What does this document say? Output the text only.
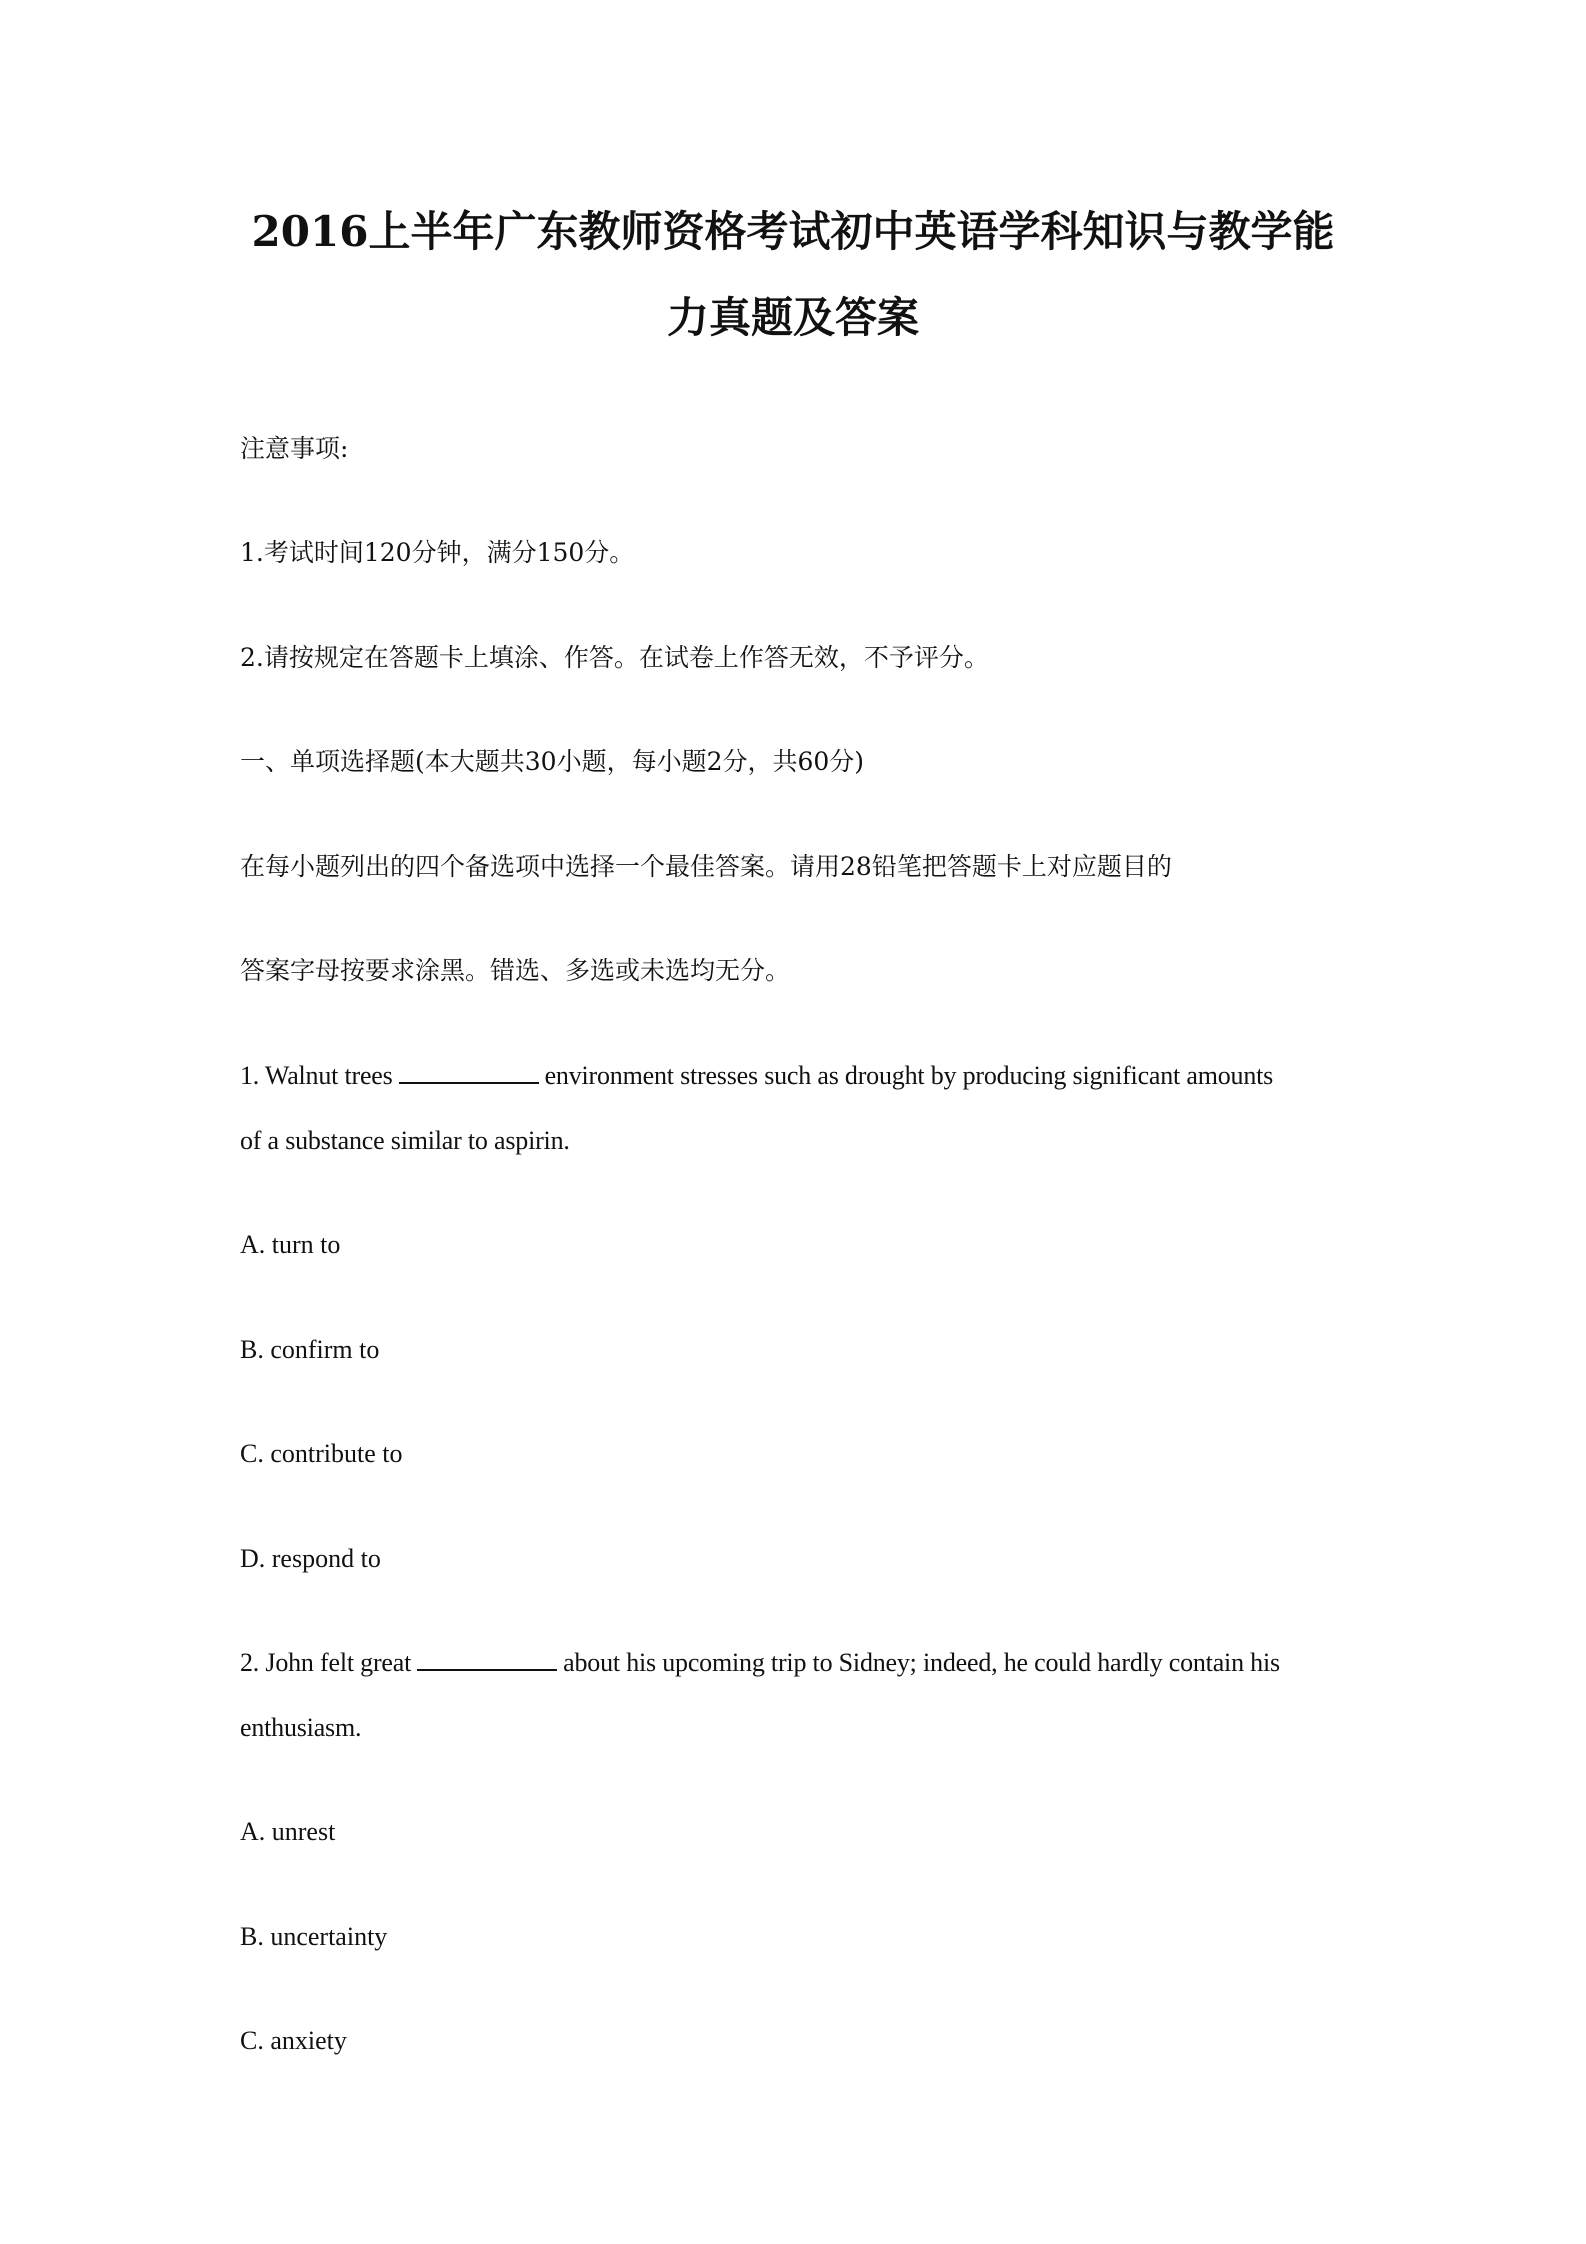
2016上半年广东教师资格考试初中英语学科知识与教学能
力真题及答案
注意事项:
1.考试时间120分钟，满分150分。
2.请按规定在答题卡上填涂、作答。在试卷上作答无效，不予评分。
一、单项选择题(本大题共30小题，每小题2分，共60分)
在每小题列出的四个备选项中选择一个最佳答案。请用28铅笔把答题卡上对应题目的
答案字母按要求涂黑。错选、多选或未选均无分。
1. Walnut trees	environment stresses such as drought by producing significant amounts
of a substance similar to aspirin.
A. turn to
B. confirm to
C. contribute to
D. respond to
2. John felt great	about his upcoming trip to Sidney; indeed, he could hardly contain his
enthusiasm.
A. unrest
B. uncertainty
C. anxiety
